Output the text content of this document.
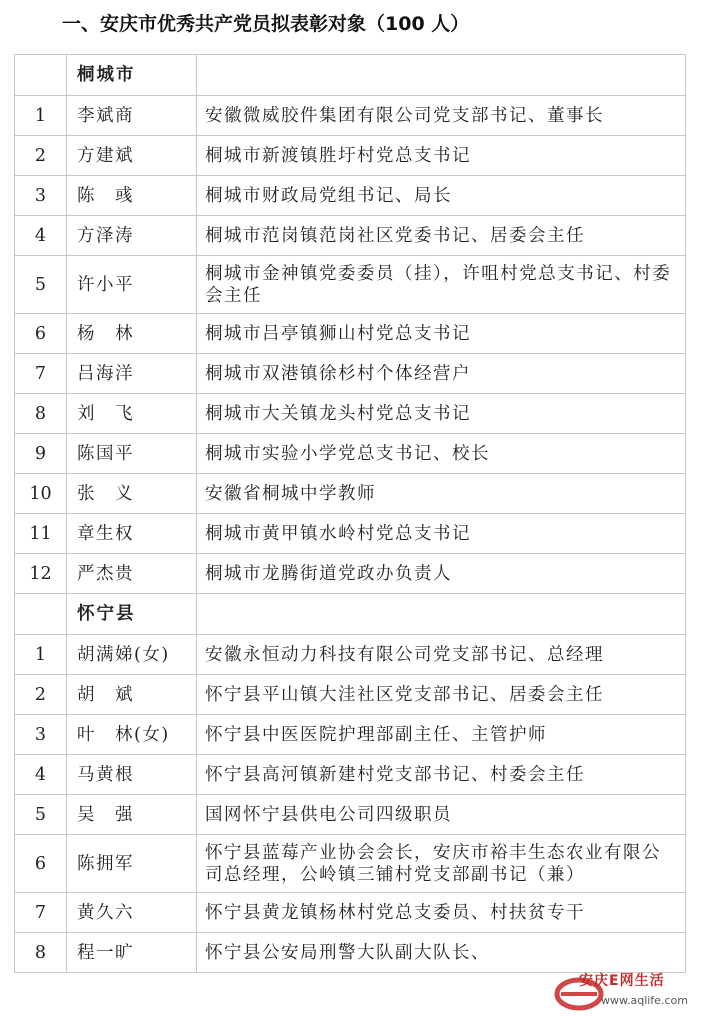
一、安庆市优秀共产党员拟表彰对象（100 人）
	桐城市	
1	李斌商	安徽微威胶件集团有限公司党支部书记、董事长
2	方建斌	桐城市新渡镇胜圩村党总支书记
3	陈　彧	桐城市财政局党组书记、局长
4	方泽涛	桐城市范岗镇范岗社区党委书记、居委会主任
5	许小平	桐城市金神镇党委委员（挂），许咀村党总支书记、村委会主任
6	杨　林	桐城市吕亭镇狮山村党总支书记
7	吕海洋	桐城市双港镇徐杉村个体经营户
8	刘　飞	桐城市大关镇龙头村党总支书记
9	陈国平	桐城市实验小学党总支书记、校长
10	张　义	安徽省桐城中学教师
11	章生权	桐城市黄甲镇水岭村党总支书记
12	严杰贵	桐城市龙腾街道党政办负责人
	怀宁县	
1	胡满娣(女)	安徽永恒动力科技有限公司党支部书记、总经理
2	胡　斌	怀宁县平山镇大洼社区党支部书记、居委会主任
3	叶　林(女)	怀宁县中医医院护理部副主任、主管护师
4	马黄根	怀宁县高河镇新建村党支部书记、村委会主任
5	吴　强	国网怀宁县供电公司四级职员
6	陈拥军	怀宁县蓝莓产业协会会长，安庆市裕丰生态农业有限公司总经理，公岭镇三铺村党支部副书记（兼）
7	黄久六	怀宁县黄龙镇杨林村党总支委员、村扶贫专干
8	程一旷	怀宁县公安局刑警大队副大队长、
安庆E网生活
www.aqlife.com
